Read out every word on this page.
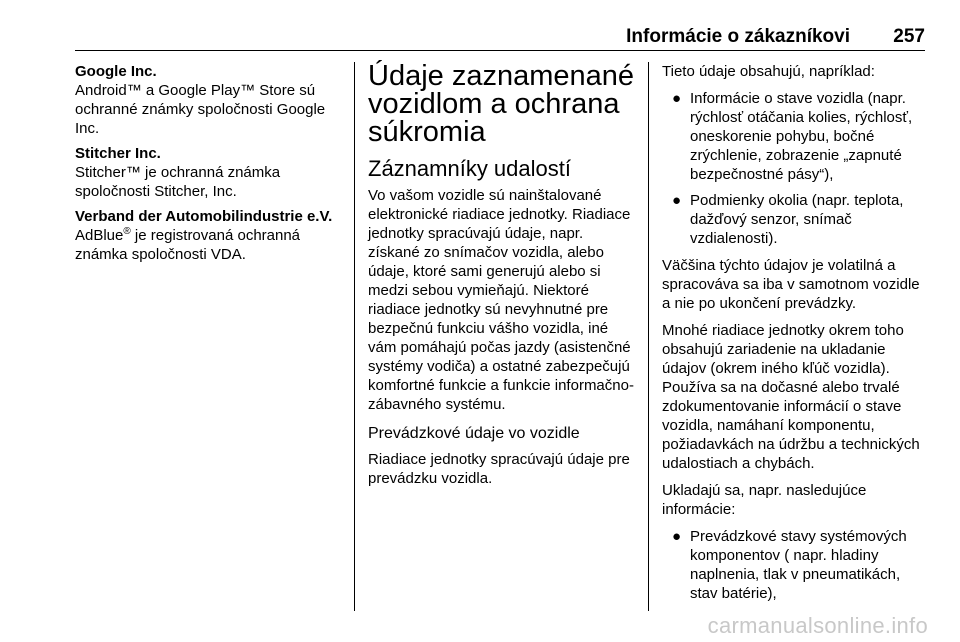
Informácie o zákazníkovi 257
Google Inc.
Android™ a Google Play™ Store sú ochranné známky spoločnosti Google Inc.
Stitcher Inc.
Stitcher™ je ochranná známka spoločnosti Stitcher, Inc.
Verband der Automobilindustrie e.V.
AdBlue® je registrovaná ochranná známka spoločnosti VDA.
Údaje zaznamenané vozidlom a ochrana súkromia
Záznamníky udalostí

Vo vašom vozidle sú nainštalované elektronické riadiace jednotky. Riadiace jednotky spracúvajú údaje, napr. získané zo snímačov vozidla, alebo údaje, ktoré sami generujú alebo si medzi sebou vymieňajú. Niektoré riadiace jednotky sú nevyhnutné pre bezpečnú funkciu vášho vozidla, iné vám pomáhajú počas jazdy (asistenčné systémy vodiča) a ostatné zabezpečujú komfortné funkcie a funkcie informačno-zábavného systému.

Prevádzkové údaje vo vozidle

Riadiace jednotky spracúvajú údaje pre prevádzku vozidla.

Tieto údaje obsahujú, napríklad:

● Informácie o stave vozidla (napr. rýchlosť otáčania kolies, rýchlosť, oneskorenie pohybu, bočné zrýchlenie, zobrazenie „zapnuté bezpečnostné pásy“),
● Podmienky okolia (napr. teplota, dažďový senzor, snímač vzdialenosti).

Väčšina týchto údajov je volatilná a spracováva sa iba v samotnom vozidle a nie po ukončení prevádzky.

Mnohé riadiace jednotky okrem toho obsahujú zariadenie na ukladanie údajov (okrem iného kľúč vozidla). Používa sa na dočasné alebo trvalé zdokumentovanie informácií o stave vozidla, namáhaní komponentu, požiadavkách na údržbu a technických udalostiach a chybách.

Ukladajú sa, napr. nasledujúce informácie:

● Prevádzkové stavy systémových komponentov ( napr. hladiny naplnenia, tlak v pneumatikách, stav batérie),
carmanualsonline.info
